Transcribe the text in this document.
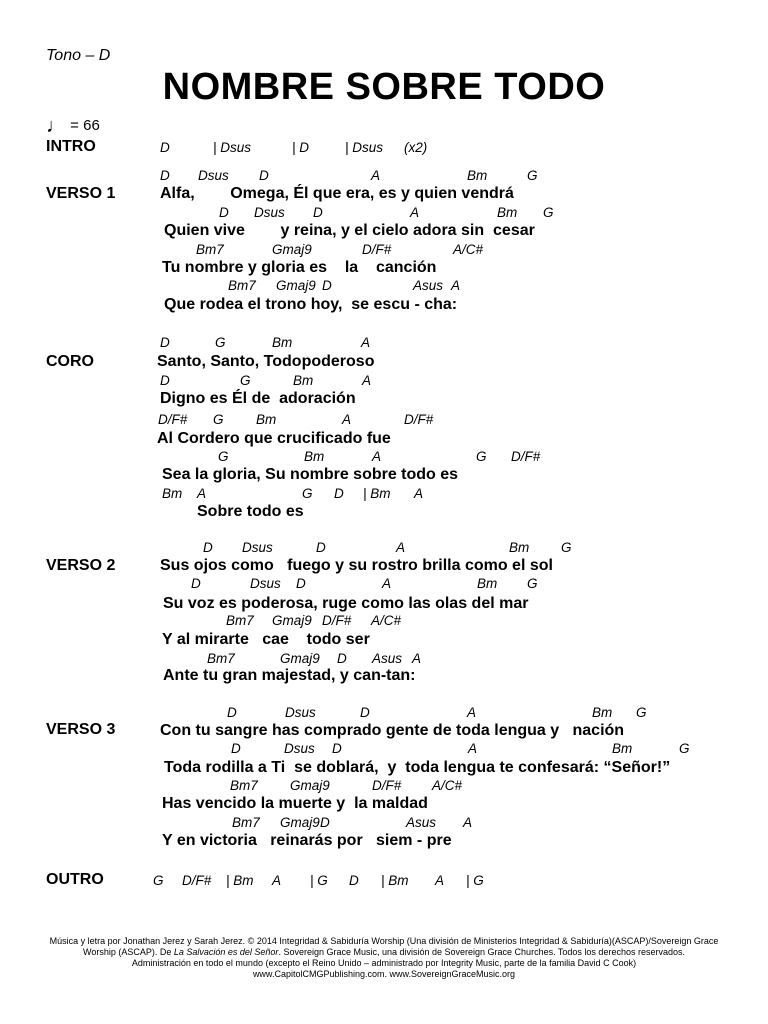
Tono – D
NOMBRE SOBRE TODO
♩ = 66
INTRO	D	| Dsus	| D	| Dsus (x2)
VERSO 1
D Dsus D	A	Bm	G
Alfa,        Omega, Él que era, es y quien vendrá
D Dsus D	A	Bm G
Quien vive        y reina, y el cielo adora sin  cesar
Bm7	Gmaj9	D/F#	A/C#
Tu nombre y gloria es    la    canción
Bm7 Gmaj9 D	Asus A
Que rodea el trono hoy,  se escu - cha:
CORO
D	G	Bm	A
Santo, Santo, Todopoderoso
D	G	Bm	A
Digno es Él de  adoración
D/F# G Bm	A	D/F#
Al Cordero que crucificado fue
G	Bm	A	G D/F#
Sea la gloria, Su nombre sobre todo es
Bm A	G D | Bm A
Sobre todo es
VERSO 2
D Dsus	D	A	Bm G
Sus ojos como   fuego y su rostro brilla como el sol
D	Dsus D	A	Bm G
Su voz es poderosa, ruge como las olas del mar
Bm7 Gmaj9 D/F# A/C#
Y al mirarte   cae    todo ser
Bm7	Gmaj9 D Asus A
Ante tu gran majestad, y can-tan:
VERSO 3
D	Dsus	D	A	Bm G
Con tu sangre has comprado gente de toda lengua y   nación
D	Dsus D	A	Bm	G
Toda rodilla a Ti  se doblará,  y  toda lengua te confesará: “Señor!”
Bm7 Gmaj9	D/F# A/C#
Has vencido la muerte y  la maldad
Bm7 Gmaj9 D	Asus A
Y en victoria   reinarás por   siem - pre
OUTRO	G D/F# | Bm A | G D | Bm A | G
Música y letra por Jonathan Jerez y Sarah Jerez. © 2014 Integridad & Sabiduría Worship (Una división de Ministerios Integridad & Sabiduría)(ASCAP)/Sovereign Grace Worship (ASCAP). De La Salvación es del Señor. Sovereign Grace Music, una división de Sovereign Grace Churches. Todos los derechos reservados.
Administración en todo el mundo (excepto el Reino Unido – administrado por Integrity Music, parte de la familia David C Cook)
www.CapitolCMGPublishing.com. www.SovereignGraceMusic.org
